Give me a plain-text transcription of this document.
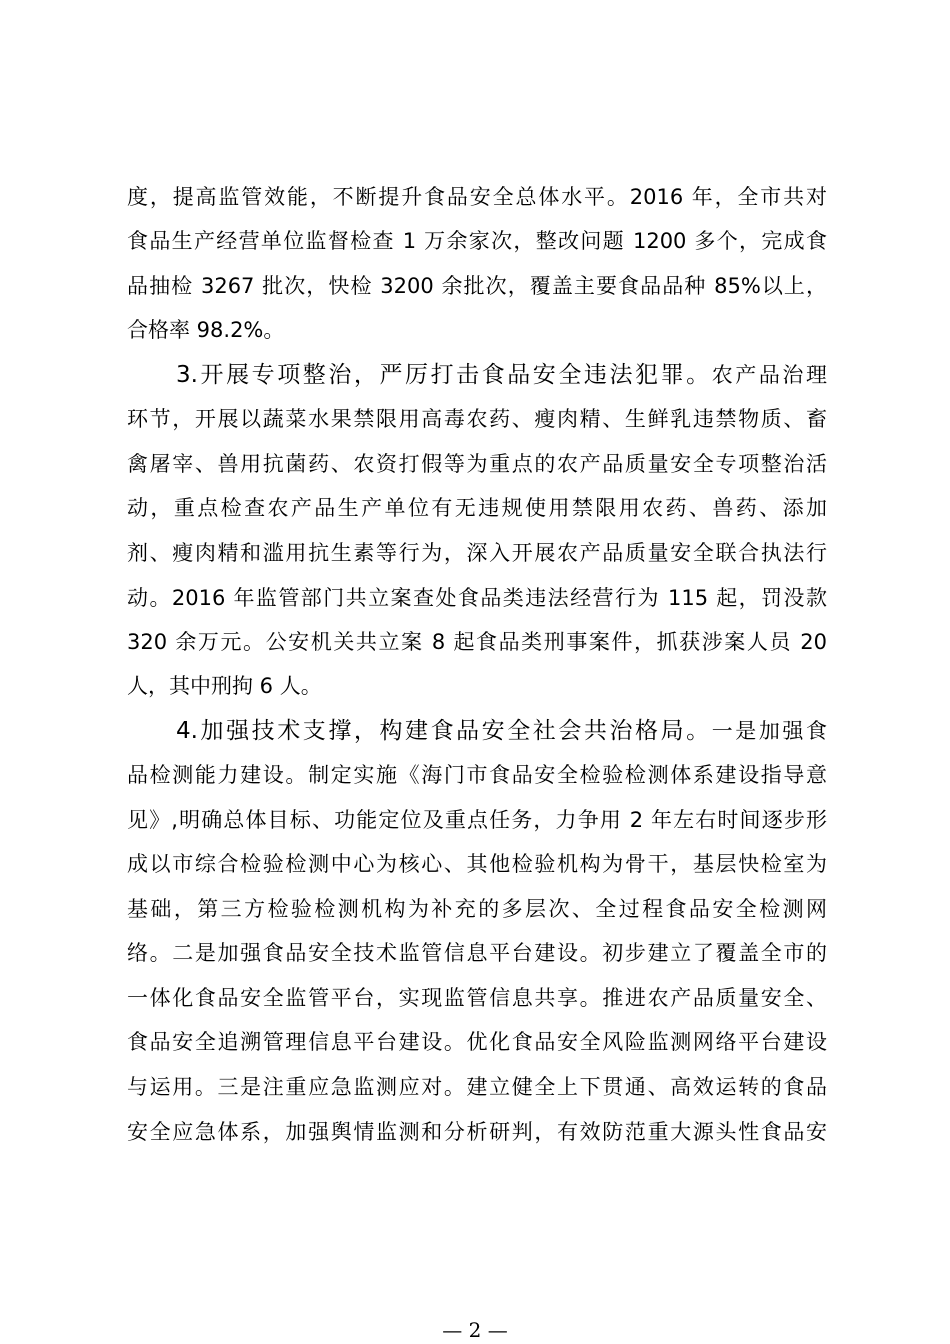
度，提高监管效能，不断提升食品安全总体水平。2016 年，全市共对
食品生产经营单位监督检查 1 万余家次，整改问题 1200 多个，完成食
品抽检 3267 批次，快检 3200 余批次，覆盖主要食品品种 85%以上，
合格率 98.2%。
3.开展专项整治，严厉打击食品安全违法犯罪。农产品治理
环节，开展以蔬菜水果禁限用高毒农药、瘦肉精、生鲜乳违禁物质、畜
禽屠宰、兽用抗菌药、农资打假等为重点的农产品质量安全专项整治活
动，重点检查农产品生产单位有无违规使用禁限用农药、兽药、添加
剂、瘦肉精和滥用抗生素等行为，深入开展农产品质量安全联合执法行
动。2016 年监管部门共立案查处食品类违法经营行为 115 起，罚没款
320 余万元。公安机关共立案 8 起食品类刑事案件，抓获涉案人员 20
人，其中刑拘 6 人。
4.加强技术支撑，构建食品安全社会共治格局。一是加强食
品检测能力建设。制定实施《海门市食品安全检验检测体系建设指导意
见》,明确总体目标、功能定位及重点任务，力争用 2 年左右时间逐步形
成以市综合检验检测中心为核心、其他检验机构为骨干，基层快检室为
基础，第三方检验检测机构为补充的多层次、全过程食品安全检测网
络。二是加强食品安全技术监管信息平台建设。初步建立了覆盖全市的
一体化食品安全监管平台，实现监管信息共享。推进农产品质量安全、
食品安全追溯管理信息平台建设。优化食品安全风险监测网络平台建设
与运用。三是注重应急监测应对。建立健全上下贯通、高效运转的食品
安全应急体系，加强舆情监测和分析研判，有效防范重大源头性食品安
— 2 —
